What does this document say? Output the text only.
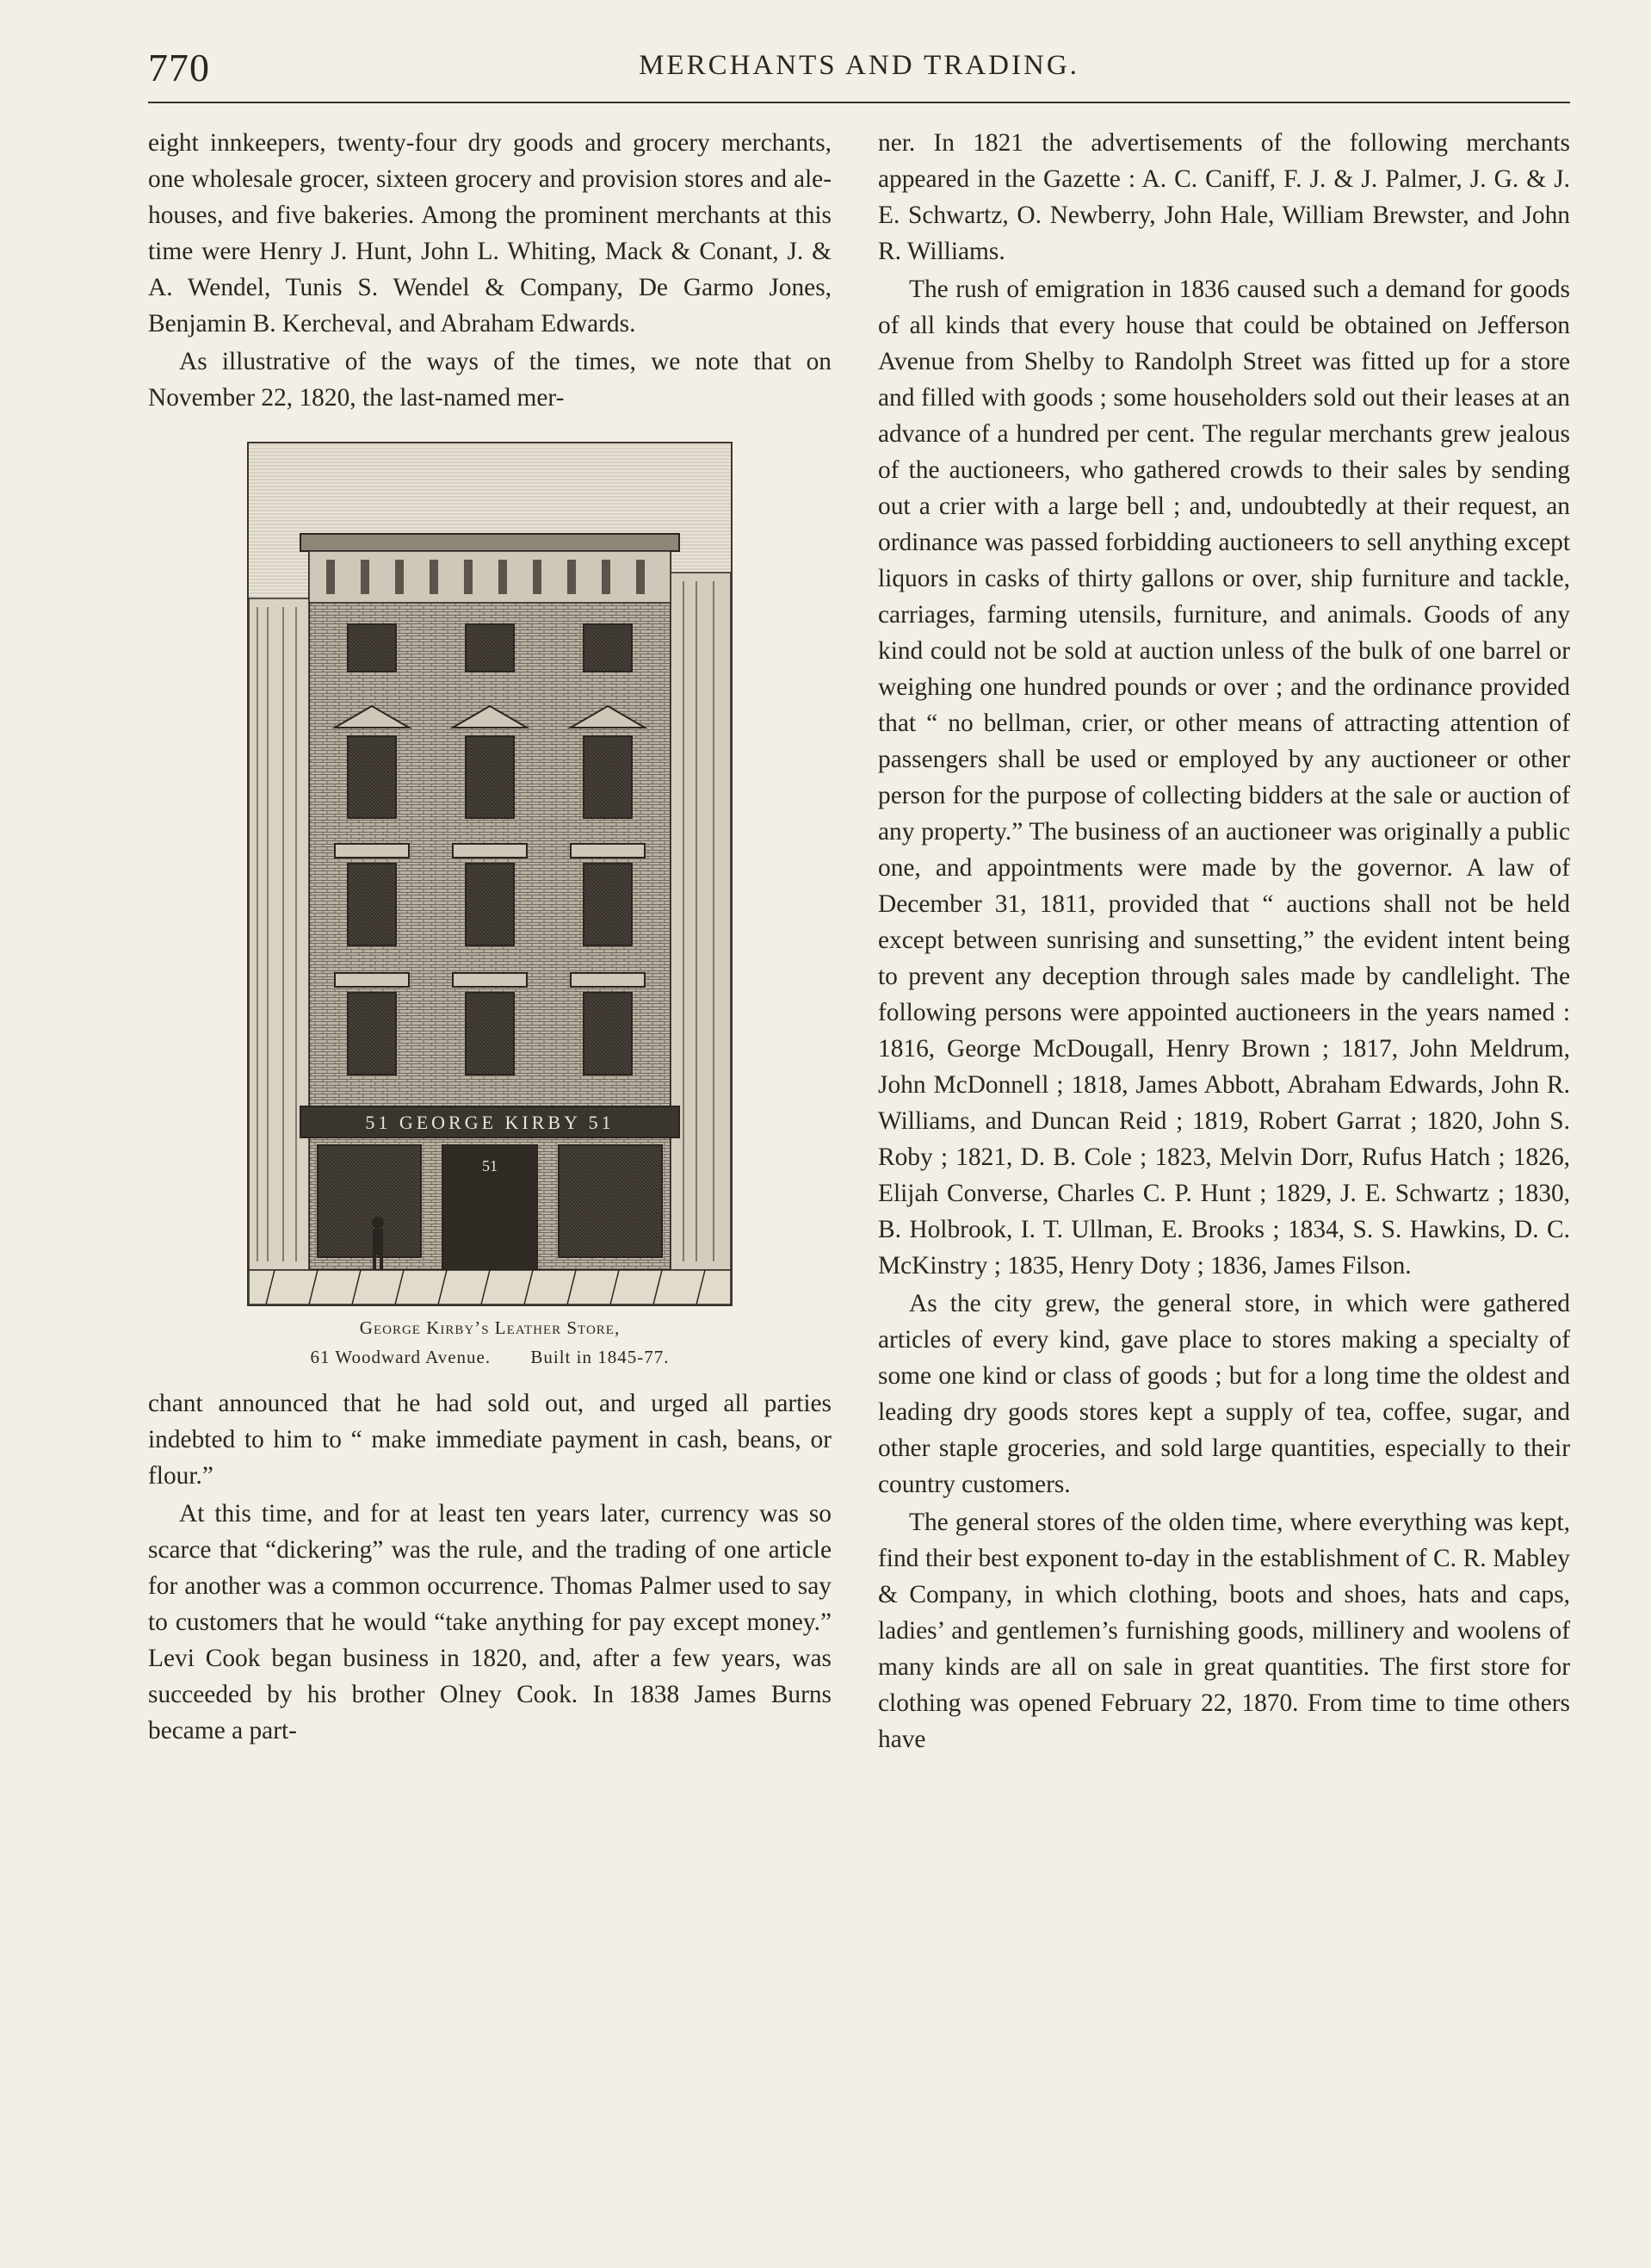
770	MERCHANTS AND TRADING.

eight innkeepers, twenty-four dry goods and grocery merchants, one wholesale grocer, sixteen grocery and provision stores and ale-houses, and five bakeries. Among the prominent merchants at this time were Henry J. Hunt, John L. Whiting, Mack & Conant, J. & A. Wendel, Tunis S. Wendel & Company, De Garmo Jones, Benjamin B. Kercheval, and Abraham Edwards.

As illustrative of the ways of the times, we note that on November 22, 1820, the last-named mer-

51 GEORGE KIRBY 51
51
George Kirby’s Leather Store,
61 Woodward Avenue. Built in 1845-77.

chant announced that he had sold out, and urged all parties indebted to him to “ make immediate payment in cash, beans, or flour.”

At this time, and for at least ten years later, currency was so scarce that “dickering” was the rule, and the trading of one article for another was a common occurrence. Thomas Palmer used to say to customers that he would “take anything for pay except money.” Levi Cook began business in 1820, and, after a few years, was succeeded by his brother Olney Cook. In 1838 James Burns became a part-

ner. In 1821 the advertisements of the following merchants appeared in the Gazette : A. C. Caniff, F. J. & J. Palmer, J. G. & J. E. Schwartz, O. Newberry, John Hale, William Brewster, and John R. Williams.

The rush of emigration in 1836 caused such a demand for goods of all kinds that every house that could be obtained on Jefferson Avenue from Shelby to Randolph Street was fitted up for a store and filled with goods ; some householders sold out their leases at an advance of a hundred per cent. The regular merchants grew jealous of the auctioneers, who gathered crowds to their sales by sending out a crier with a large bell ; and, undoubtedly at their request, an ordinance was passed forbidding auctioneers to sell anything except liquors in casks of thirty gallons or over, ship furniture and tackle, carriages, farming utensils, furniture, and animals. Goods of any kind could not be sold at auction unless of the bulk of one barrel or weighing one hundred pounds or over ; and the ordinance provided that “ no bellman, crier, or other means of attracting attention of passengers shall be used or employed by any auctioneer or other person for the purpose of collecting bidders at the sale or auction of any property.” The business of an auctioneer was originally a public one, and appointments were made by the governor. A law of December 31, 1811, provided that “ auctions shall not be held except between sunrising and sunsetting,” the evident intent being to prevent any deception through sales made by candlelight. The following persons were appointed auctioneers in the years named : 1816, George McDougall, Henry Brown ; 1817, John Meldrum, John McDonnell ; 1818, James Abbott, Abraham Edwards, John R. Williams, and Duncan Reid ; 1819, Robert Garrat ; 1820, John S. Roby ; 1821, D. B. Cole ; 1823, Melvin Dorr, Rufus Hatch ; 1826, Elijah Converse, Charles C. P. Hunt ; 1829, J. E. Schwartz ; 1830, B. Holbrook, I. T. Ullman, E. Brooks ; 1834, S. S. Hawkins, D. C. McKinstry ; 1835, Henry Doty ; 1836, James Filson.

As the city grew, the general store, in which were gathered articles of every kind, gave place to stores making a specialty of some one kind or class of goods ; but for a long time the oldest and leading dry goods stores kept a supply of tea, coffee, sugar, and other staple groceries, and sold large quantities, especially to their country customers.

The general stores of the olden time, where everything was kept, find their best exponent to-day in the establishment of C. R. Mabley & Company, in which clothing, boots and shoes, hats and caps, ladies’ and gentlemen’s furnishing goods, millinery and woolens of many kinds are all on sale in great quantities. The first store for clothing was opened February 22, 1870. From time to time others have
